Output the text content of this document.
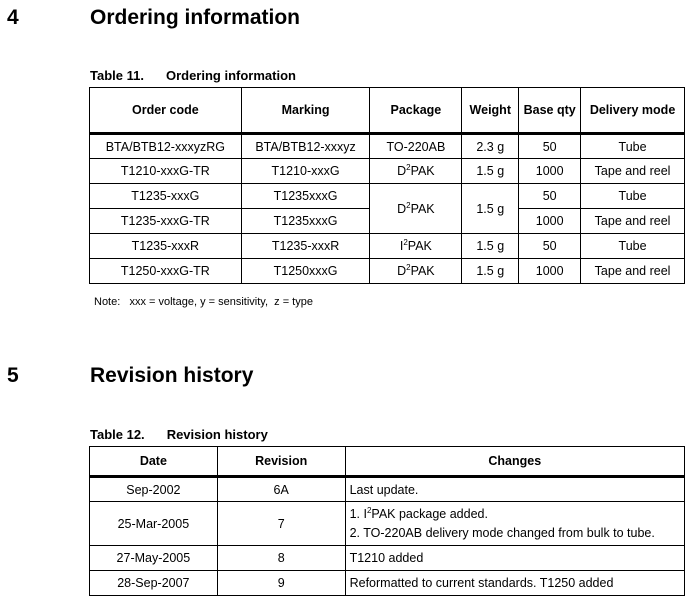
4	Ordering information
Table 11. Ordering information
Order code	Marking	Package	Weight	Base qty	Delivery mode
BTA/BTB12-xxxyzRG	BTA/BTB12-xxxyz	TO-220AB	2.3 g	50	Tube
T1210-xxxG-TR	T1210-xxxG	$D^2PAK$	1.5 g	1000	Tape and reel
T1235-xxxG	T1235xxxG	$D^2PAK$	1.5 g	50	Tube
T1235-xxxG-TR	T1235xxxG			1000	Tape and reel
T1235-xxxR	T1235-xxxR	$I^2PAK$	1.5 g	50	Tube
T1250-xxxG-TR	T1250xxxG	$D^2PAK$	1.5 g	1000	Tape and reel
Note:   xxx = voltage, y = sensitivity,  z = type
5	Revision history
Table 12. Revision history
Date	Revision	Changes
Sep-2002	6A	Last update.
25-Mar-2005	7	1. $I^2PAK$ package added.
2. TO-220AB delivery mode changed from bulk to tube.

27-May-2005	8	T1210 added
28-Sep-2007	9	Reformatted to current standards. T1250 added
